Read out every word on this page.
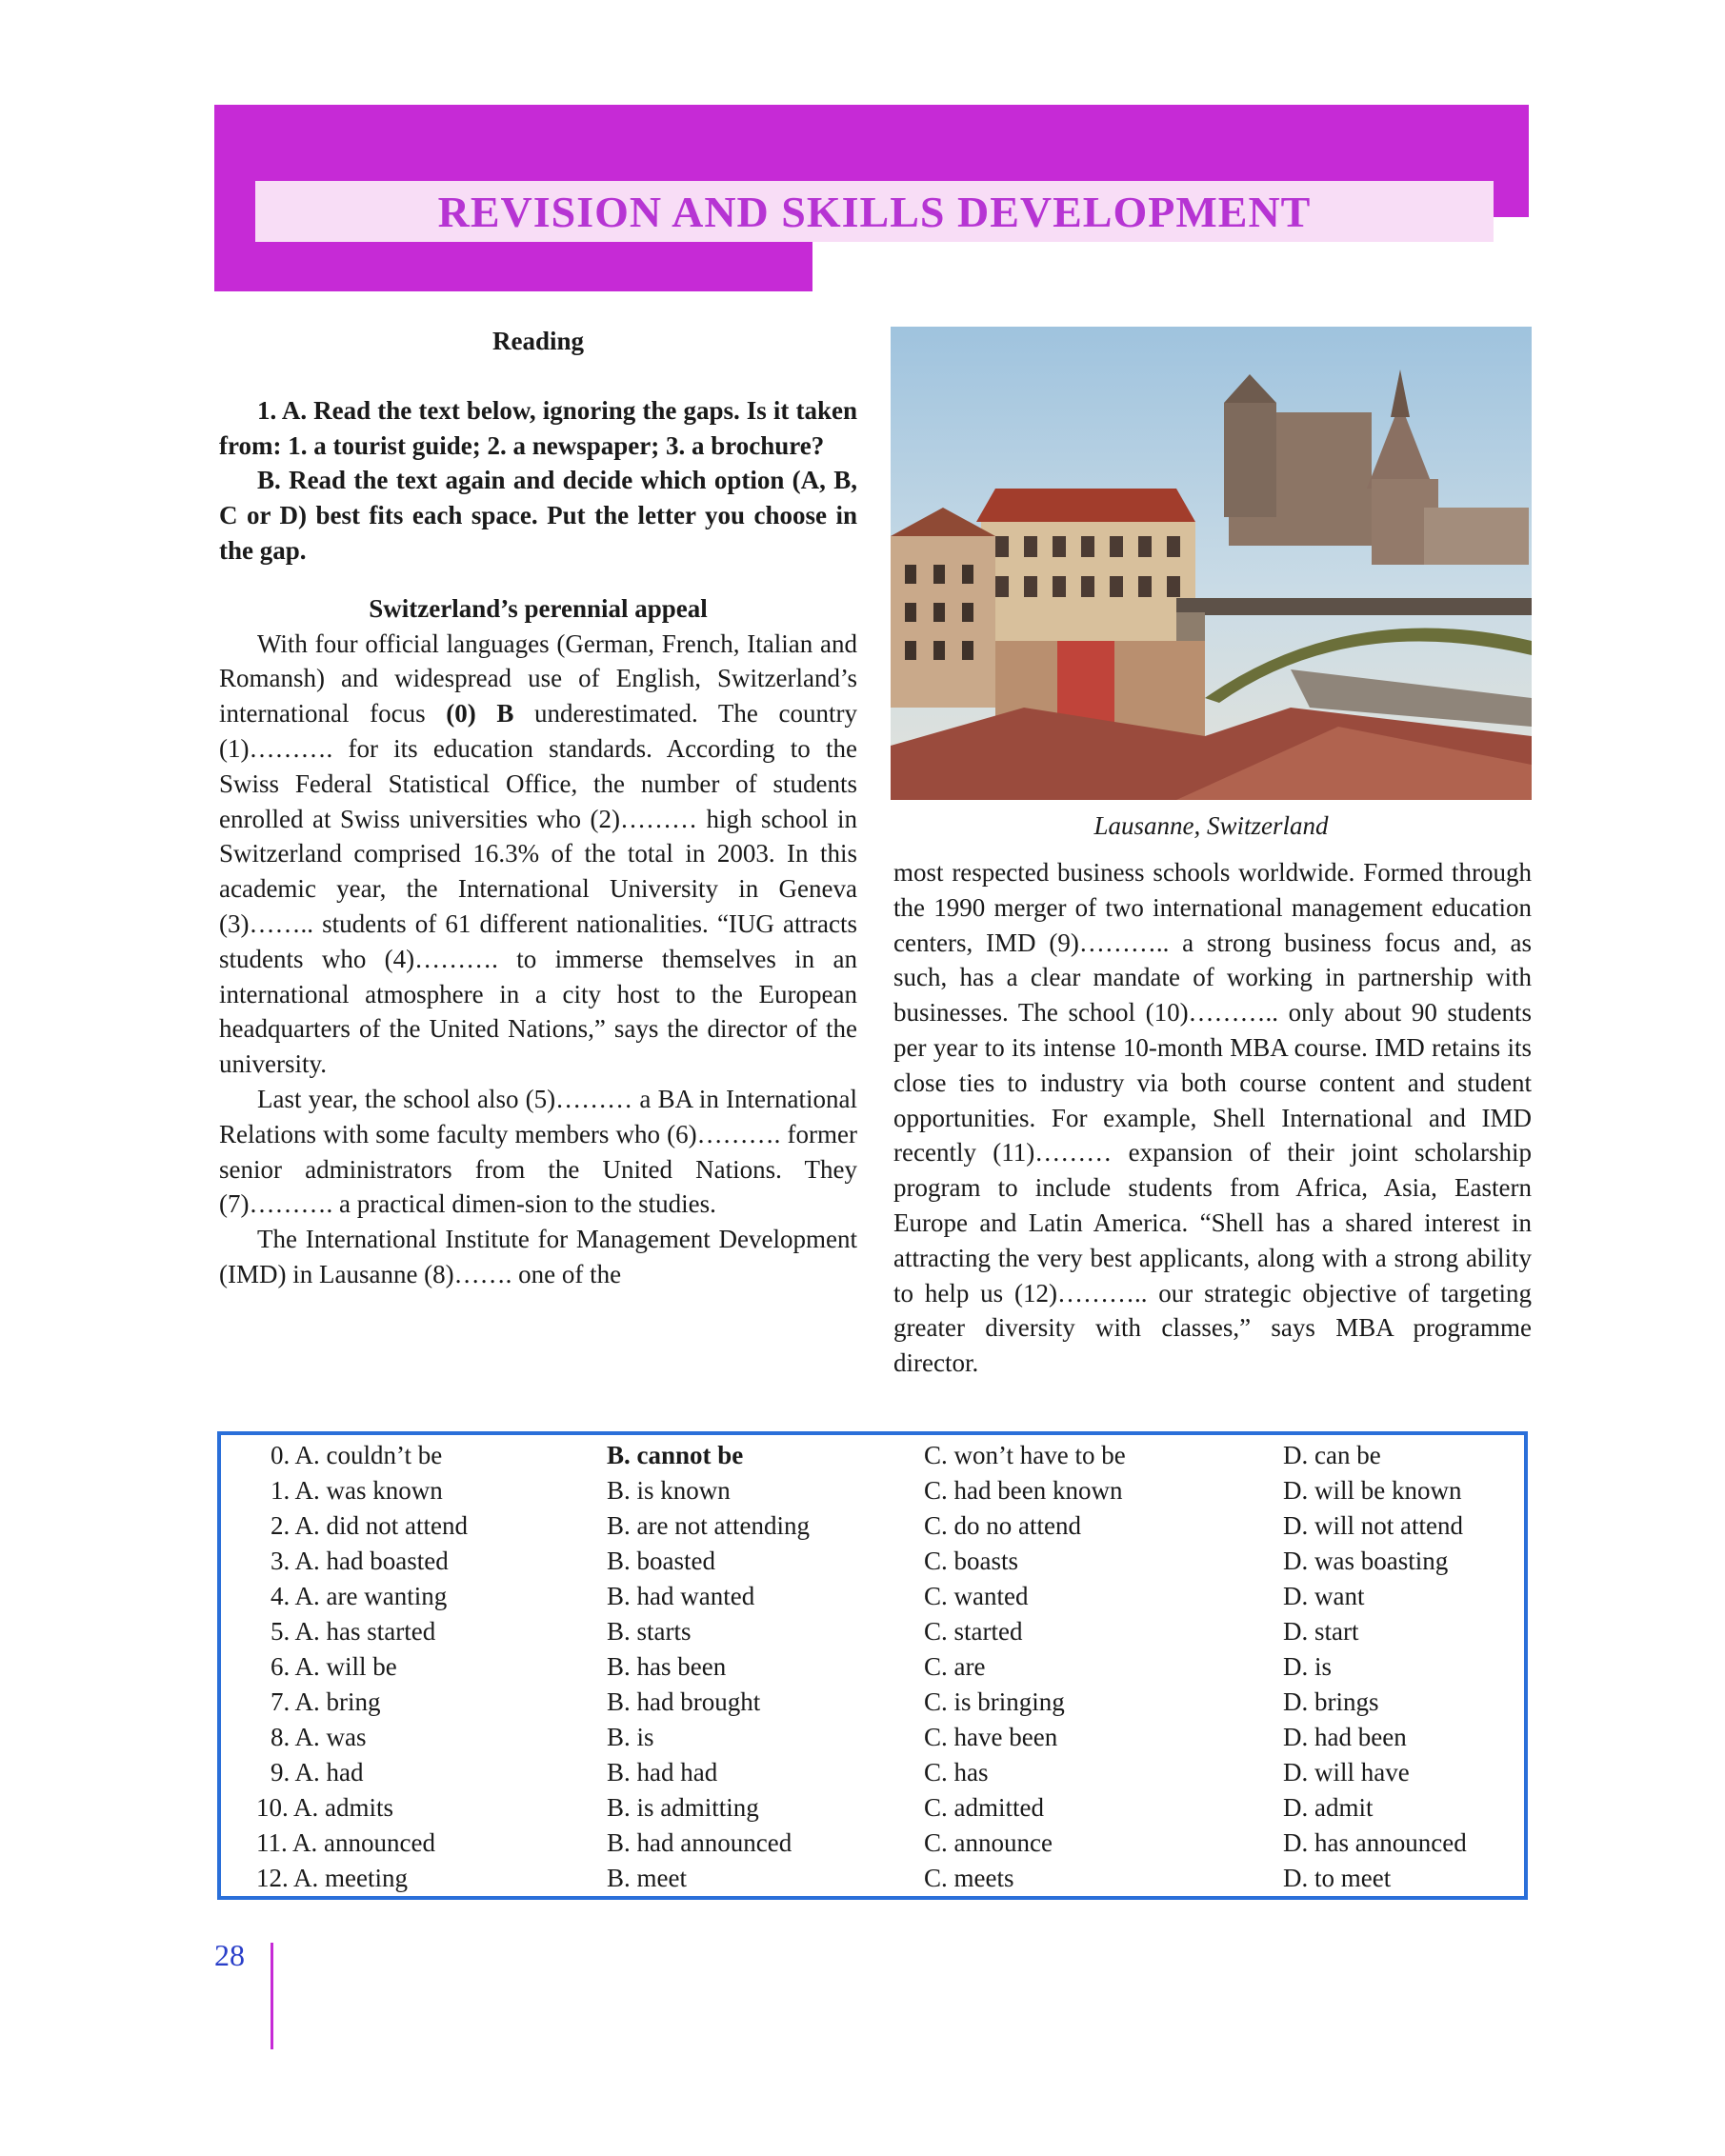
REVISION AND SKILLS DEVELOPMENT
Reading

1. A. Read the text below, ignoring the gaps. Is it taken from: 1. a tourist guide; 2. a newspaper; 3. a brochure?

B. Read the text again and decide which option (A, B, C or D) best fits each space. Put the letter you choose in the gap.

Switzerland’s perennial appeal

With four official languages (German, French, Italian and Romansh) and widespread use of English, Switzerland’s international focus (0) B underestimated. The country (1)………. for its education standards. According to the Swiss Federal Statistical Office, the number of students enrolled at Swiss universities who (2)……… high school in Switzerland comprised 16.3% of the total in 2003. In this academic year, the International University in Geneva (3)…….. students of 61 different nationalities. “IUG attracts students who (4)………. to immerse themselves in an international atmosphere in a city host to the European headquarters of the United Nations,” says the director of the university.

Last year, the school also (5)……… a BA in International Relations with some faculty members who (6)………. former senior administrators from the United Nations. They (7)………. a practical dimen-sion to the studies.

The International Institute for Management Development (IMD) in Lausanne (8)……. one of the

Lausanne, Switzerland
most respected business schools worldwide. Formed through the 1990 merger of two international management education centers, IMD (9)……….. a strong business focus and, as such, has a clear mandate of working in partnership with businesses. The school (10)……….. only about 90 students per year to its intense 10-month MBA course. IMD retains its close ties to industry via both course content and student opportunities. For example, Shell International and IMD recently (11)……… expansion of their joint scholarship program to include students from Africa, Asia, Eastern Europe and Latin America. “Shell has a shared interest in attracting the very best applicants, along with a strong ability to help us (12)……….. our strategic objective of targeting greater diversity with classes,” says MBA programme director.
0. A. couldn’t be	B. cannot be	C. won’t have to be	D. can be
1. A. was known	B. is known	C. had been known	D. will be known
2. A. did not attend	B. are not attending	C. do no attend	D. will not attend
3. A. had boasted	B. boasted	C. boasts	D. was boasting
4. A. are wanting	B. had wanted	C. wanted	D. want
5. A. has started	B. starts	C. started	D. start
6. A. will be	B. has been	C. are	D. is
7. A. bring	B. had brought	C. is bringing	D. brings
8. A. was	B. is	C. have been	D. had been
9. A. had	B. had had	C. has	D. will have
10. A. admits	B. is admitting	C. admitted	D. admit
11. A. announced	B. had announced	C. announce	D. has announced
12. A. meeting	B. meet	C. meets	D. to meet
28
